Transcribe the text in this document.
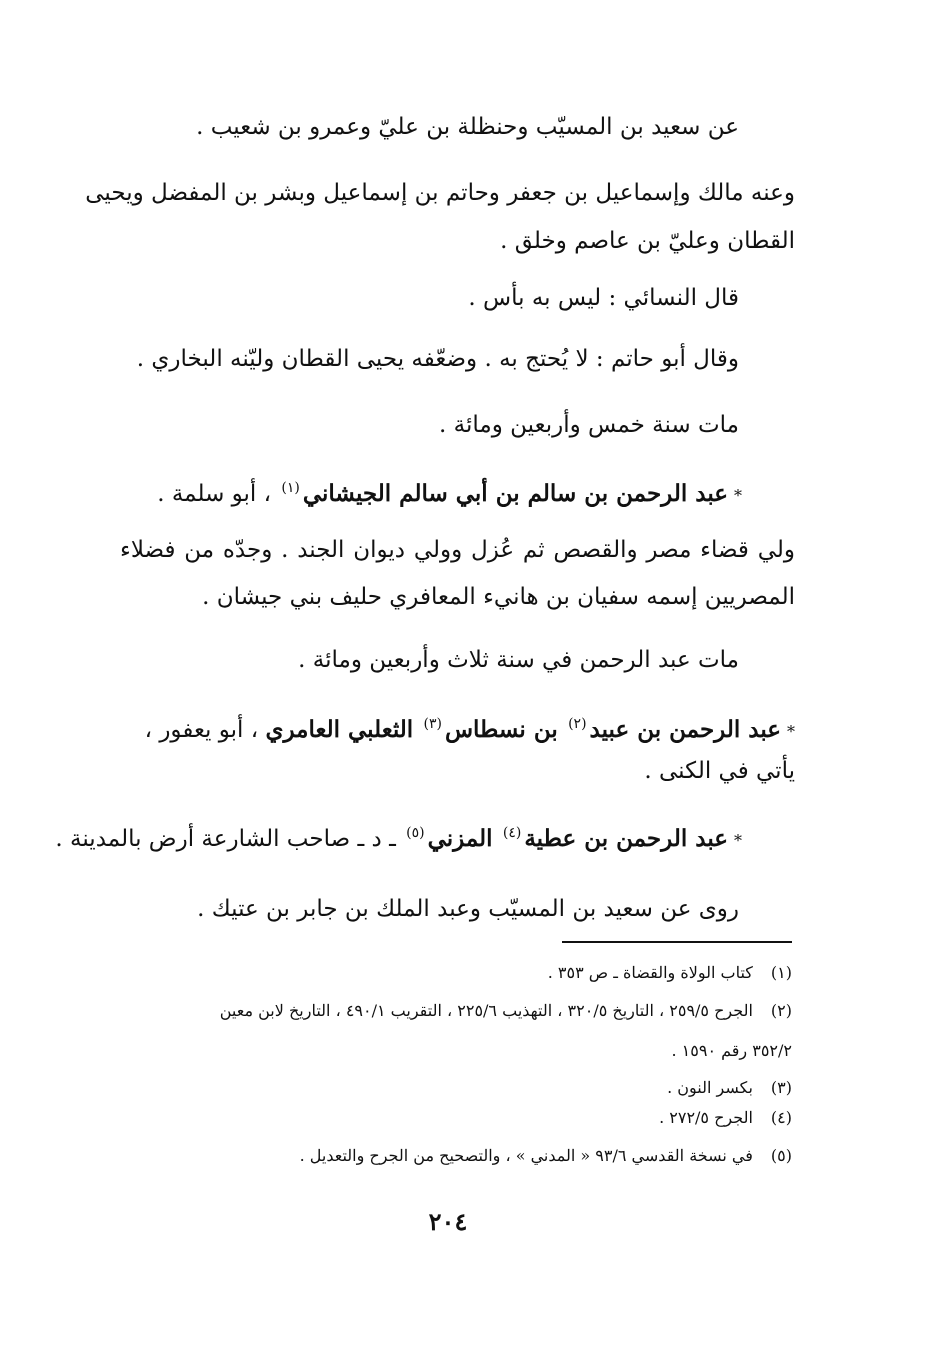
عن سعيد بن المسيّب وحنظلة بن عليّ وعمرو بن شعيب .
وعنه مالك وإسماعيل بن جعفر وحاتم بن إسماعيل وبشر بن المفضل ويحيى
القطان وعليّ بن عاصم وخلق .
قال النسائي : ليس به بأس .
وقال أبو حاتم : لا يُحتج به . وضعّفه يحيى القطان وليّنه البخاري .
مات سنة خمس وأربعين ومائة .
*عبد الرحمن بن سالم بن أبي سالم الجيشاني$^{(١)}$ ، أبو سلمة .
ولي قضاء مصر والقصص ثم عُزل وولي ديوان الجند . وجدّه من فضلاء
المصريين إسمه سفيان بن هانيء المعافري حليف بني جيشان .
مات عبد الرحمن في سنة ثلاث وأربعين ومائة .
*عبد الرحمن بن عبيد$^{(٢)}$ بن نسطاس$^{(٣)}$ الثعلبي العامري ، أبو يعفور ،
يأتي في الكنى .
*عبد الرحمن بن عطية$^{(٤)}$ المزني$^{(٥)}$ ـ د ـ صاحب الشارعة أرض بالمدينة .
روى عن سعيد بن المسيّب وعبد الملك بن جابر بن عتيك .
(١) كتاب الولاة والقضاة ـ ص ٣٥٣ .
(٢) الجرح ٢٥٩/٥ ، التاريخ ٣٢٠/٥ ، التهذيب ٢٢٥/٦ ، التقريب ٤٩٠/١ ، التاريخ لابن معين
٣٥٢/٢ رقم ١٥٩٠ .
(٣) بكسر النون .
(٤) الجرح ٢٧٢/٥ .
(٥) في نسخة القدسي ٩٣/٦ « المدني » ، والتصحيح من الجرح والتعديل .
٢٠٤
